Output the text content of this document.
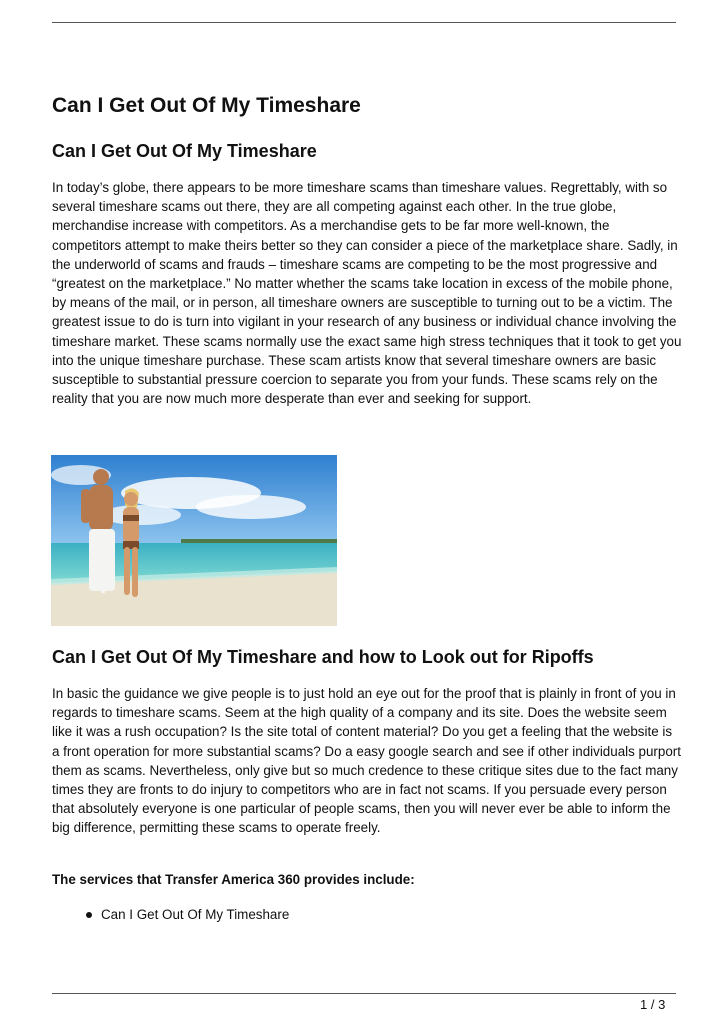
Can I Get Out Of My Timeshare
Can I Get Out Of My Timeshare

In today’s globe, there appears to be more timeshare scams than timeshare values. Regrettably, with so several timeshare scams out there, they are all competing against each other. In the true globe, merchandise increase with competitors. As a merchandise gets to be far more well-known, the competitors attempt to make theirs better so they can consider a piece of the marketplace share. Sadly, in the underworld of scams and frauds – timeshare scams are competing to be the most progressive and “greatest on the marketplace.” No matter whether the scams take location in excess of the mobile phone, by means of the mail, or in person, all timeshare owners are susceptible to turning out to be a victim. The greatest issue to do is turn into vigilant in your research of any business or individual chance involving the timeshare market. These scams normally use the exact same high stress techniques that it took to get you into the unique timeshare purchase. These scam artists know that several timeshare owners are basic susceptible to substantial pressure coercion to separate you from your funds. These scams rely on the reality that you are now much more desperate than ever and seeking for support.

Can I Get Out Of My Timeshare and how to Look out for Ripoffs

In basic the guidance we give people is to just hold an eye out for the proof that is plainly in front of you in regards to timeshare scams. Seem at the high quality of a company and its site. Does the website seem like it was a rush occupation? Is the site total of content material? Do you get a feeling that the website is a front operation for more substantial scams? Do a easy google search and see if other individuals purport them as scams. Nevertheless, only give but so much credence to these critique sites due to the fact many times they are fronts to do injury to competitors who are in fact not scams. If you persuade every person that absolutely everyone is one particular of people scams, then you will never ever be able to inform the big difference, permitting these scams to operate freely.

The services that Transfer America 360 provides include:

Can I Get Out Of My Timeshare
1 / 3
